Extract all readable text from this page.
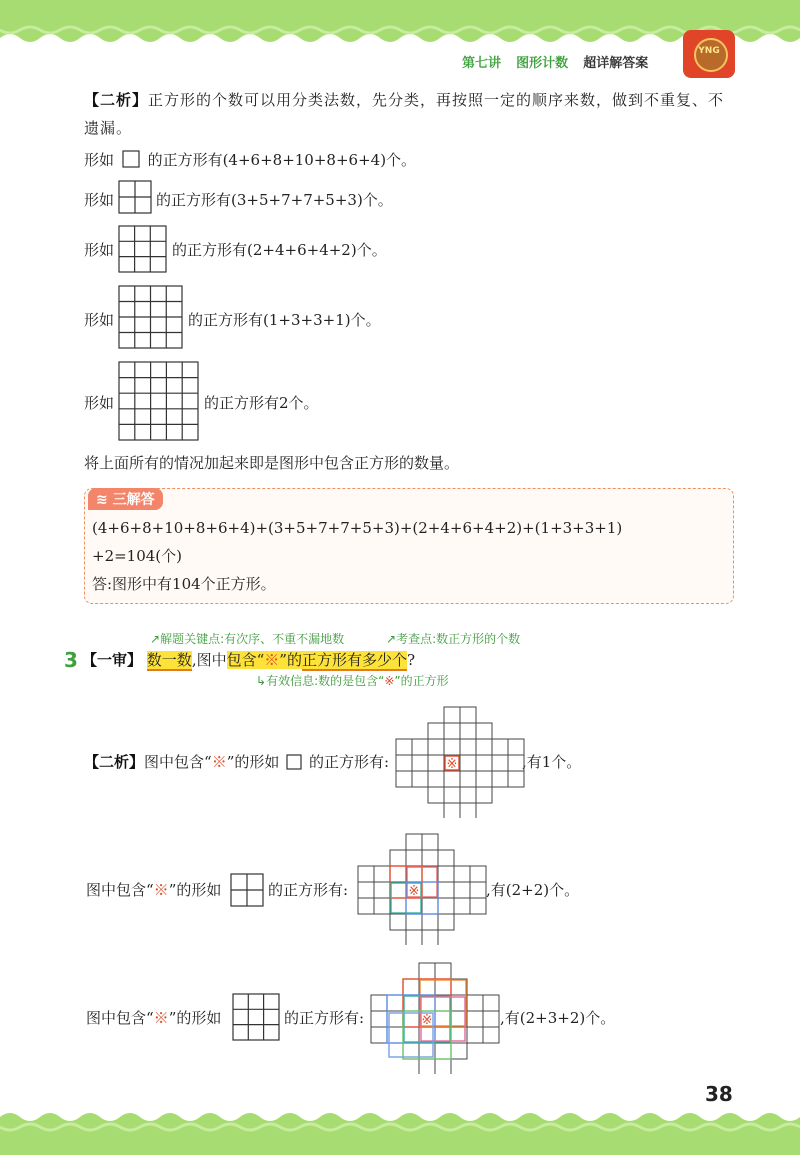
第七讲 图形计数 超详解答案
YNG
【二析】正方形的个数可以用分类法数，先分类，再按照一定的顺序来数，做到不重复、不
遗漏。
形如 的正方形有(4+6+8+10+8+6+4)个。
形如	的正方形有(3+5+7+7+5+3)个。
形如	的正方形有(2+4+6+4+2)个。
形如	的正方形有(1+3+3+1)个。
形如	的正方形有2个。
将上面所有的情况加起来即是图形中包含正方形的数量。
≋ 三解答
(4+6+8+10+8+6+4)+(3+5+7+7+5+3)+(2+4+6+4+2)+(1+3+3+1)
+2=104(个)
答:图形中有104个正方形。
↗解题关键点:有次序、不重不漏地数	↗考查点:数正方形的个数
3 【一审】 数一数,图中包含“※”的正方形有多少个?
↳有效信息:数的是包含“※”的正方形
【二析】图中包含“※”的形如 的正方形有:	,有1个。
图中包含“※”的形如	的正方形有:	,有(2+2)个。
图中包含“※”的形如	的正方形有:	,有(2+3+2)个。
※
※
※
38
